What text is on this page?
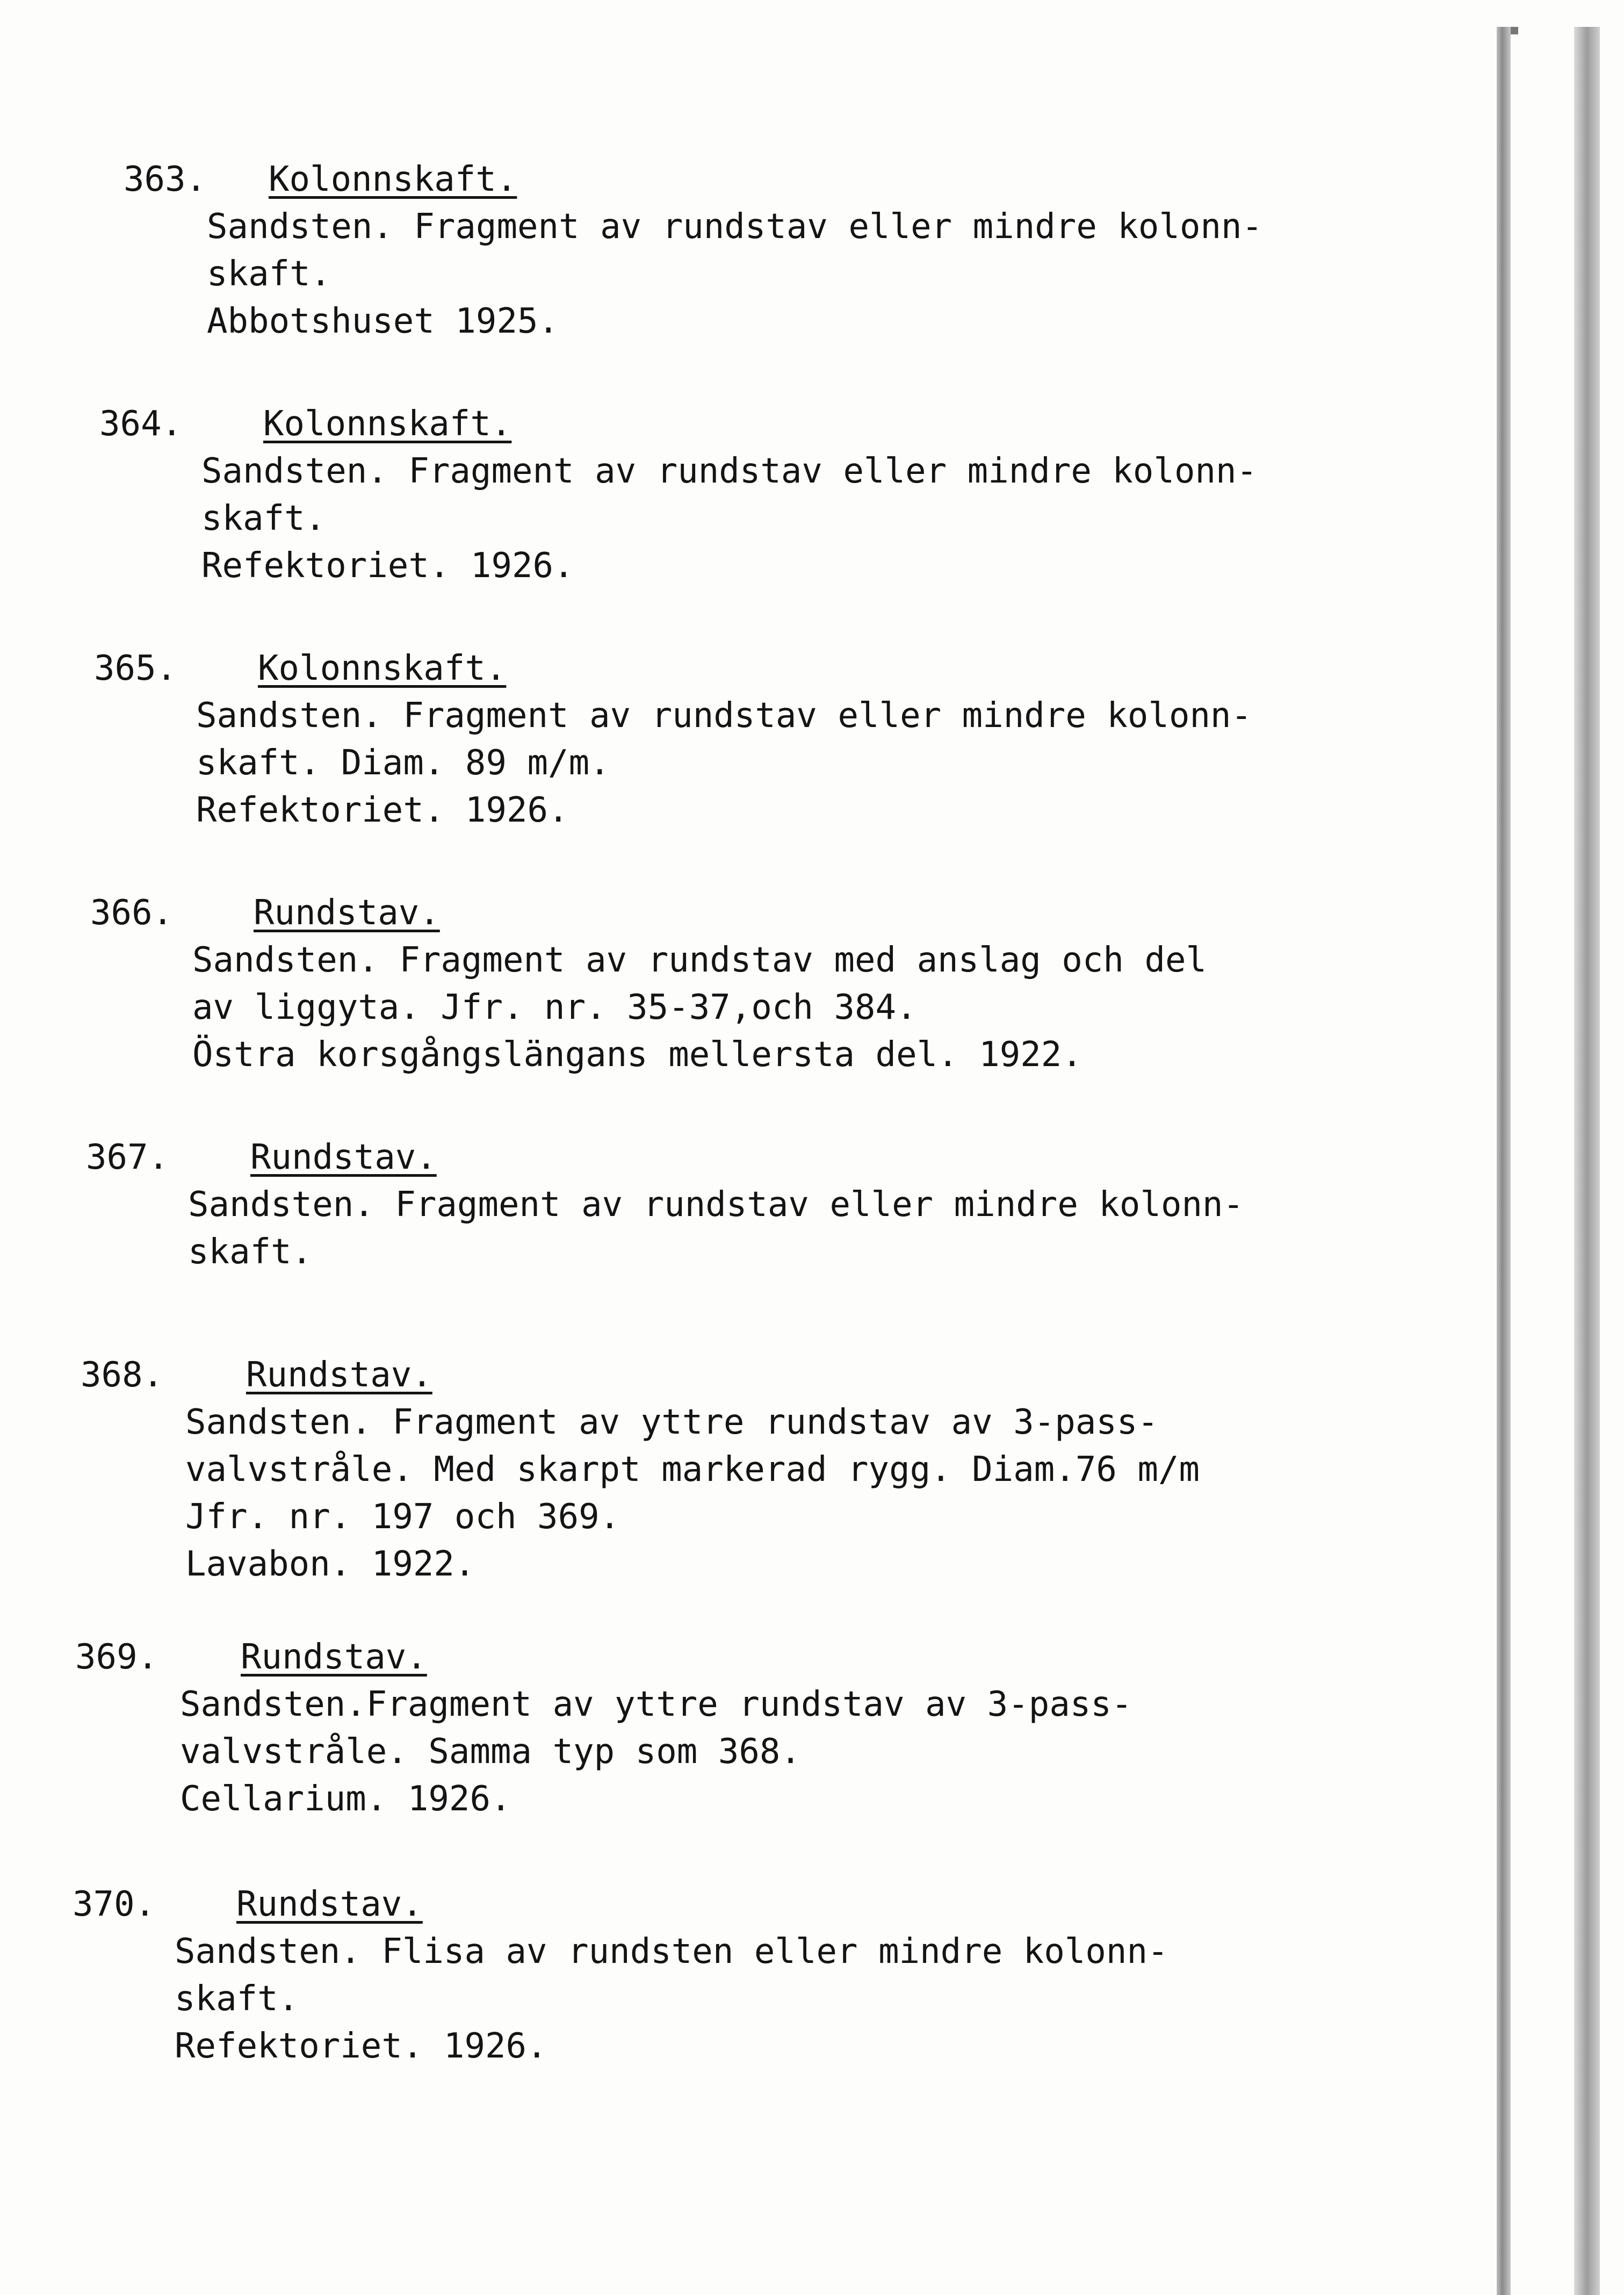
363. Kolonnskaft.
Sandsten. Fragment av rundstav eller mindre kolonn-
skaft.
Abbotshuset 1925.
364. Kolonnskaft.
Sandsten. Fragment av rundstav eller mindre kolonn-
skaft.
Refektoriet. 1926.
365. Kolonnskaft.
Sandsten. Fragment av rundstav eller mindre kolonn-
skaft. Diam. 89 m/m.
Refektoriet. 1926.
366. Rundstav.
Sandsten. Fragment av rundstav med anslag och del
av liggyta. Jfr. nr. 35-37,och 384.
Östra korsgångslängans mellersta del. 1922.
367. Rundstav.
Sandsten. Fragment av rundstav eller mindre kolonn-
skaft.
368. Rundstav.
Sandsten. Fragment av yttre rundstav av 3-pass-
valvstråle. Med skarpt markerad rygg. Diam.76 m/m
Jfr. nr. 197 och 369.
Lavabon. 1922.
369. Rundstav.
Sandsten.Fragment av yttre rundstav av 3-pass-
valvstråle. Samma typ som 368.
Cellarium. 1926.
370. Rundstav.
Sandsten. Flisa av rundsten eller mindre kolonn-
skaft.
Refektoriet. 1926.
